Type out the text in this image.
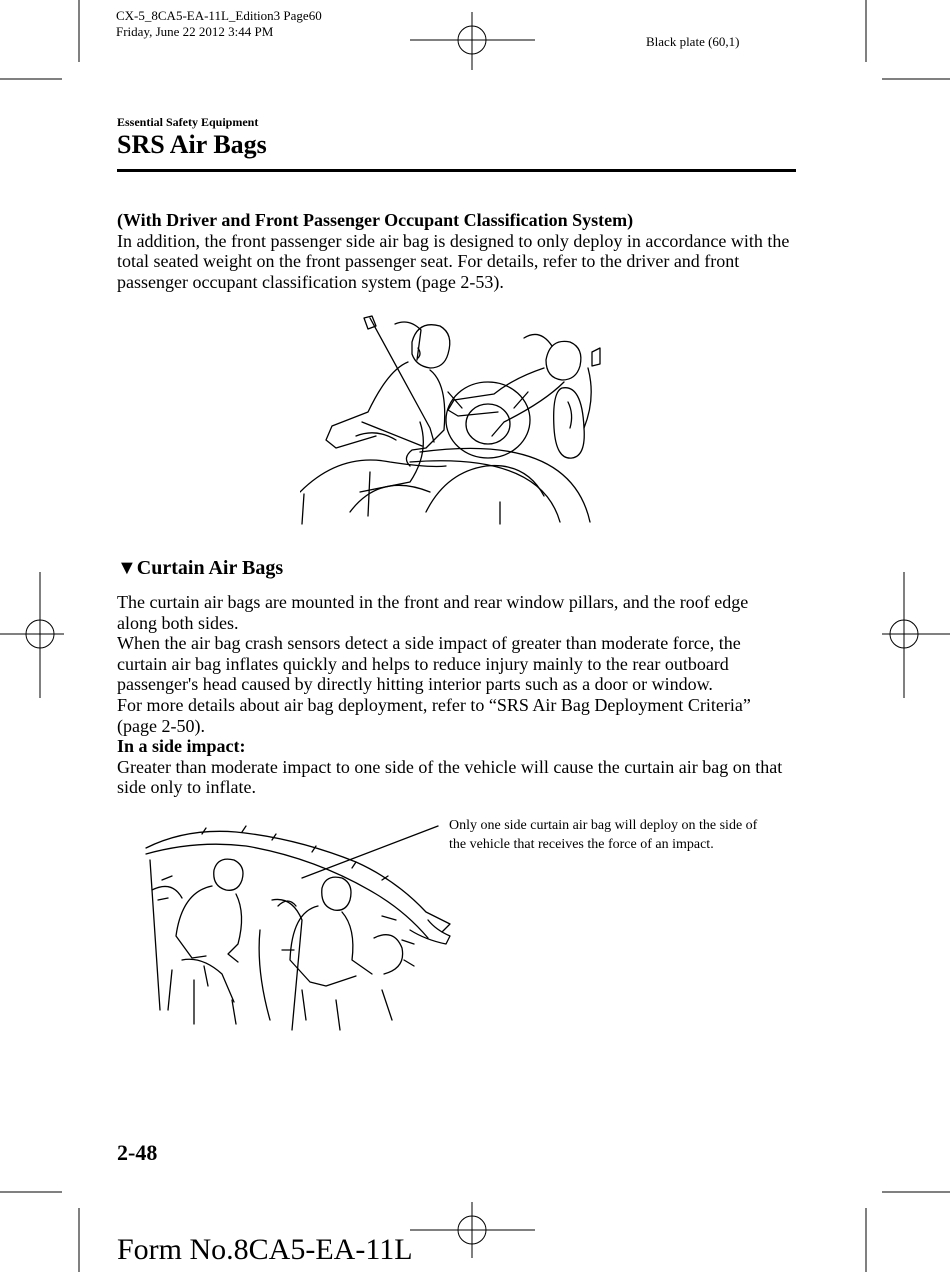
CX-5_8CA5-EA-11L_Edition3 Page60
Friday, June 22 2012 3:44 PM
Black plate (60,1)
Essential Safety Equipment
SRS Air Bags

(With Driver and Front Passenger Occupant Classification System)

In addition, the front passenger side air bag is designed to only deploy in accordance with the total seated weight on the front passenger seat. For details, refer to the driver and front passenger occupant classification system (page 2-53).

▼Curtain Air Bags

The curtain air bags are mounted in the front and rear window pillars, and the roof edge along both sides.

When the air bag crash sensors detect a side impact of greater than moderate force, the curtain air bag inflates quickly and helps to reduce injury mainly to the rear outboard passenger's head caused by directly hitting interior parts such as a door or window.

For more details about air bag deployment, refer to “SRS Air Bag Deployment Criteria” (page 2-50).

In a side impact:

Greater than moderate impact to one side of the vehicle will cause the curtain air bag on that side only to inflate.

Only one side curtain air bag will deploy on the side of the vehicle that receives the force of an impact.
2-48
Form No.8CA5-EA-11L
